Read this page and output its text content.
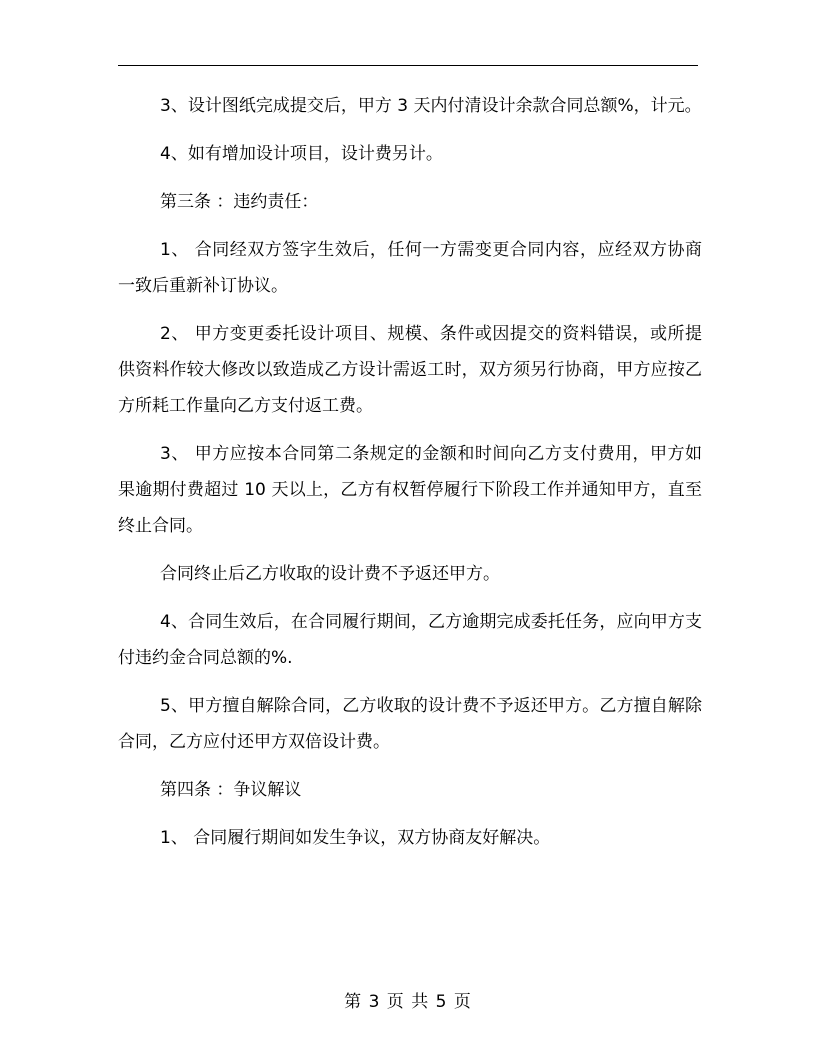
3、设计图纸完成提交后，甲方 3 天内付清设计余款合同总额%，计元。

4、如有增加设计项目，设计费另计。

第三条 ：违约责任：

1、 合同经双方签字生效后，任何一方需变更合同内容，应经双方协商一致后重新补订协议。

2、 甲方变更委托设计项目、规模、条件或因提交的资料错误，或所提供资料作较大修改以致造成乙方设计需返工时，双方须另行协商，甲方应按乙方所耗工作量向乙方支付返工费。

3、 甲方应按本合同第二条规定的金额和时间向乙方支付费用，甲方如果逾期付费超过 10 天以上，乙方有权暂停履行下阶段工作并通知甲方，直至终止合同。

合同终止后乙方收取的设计费不予返还甲方。

4、合同生效后，在合同履行期间，乙方逾期完成委托任务，应向甲方支付违约金合同总额的%.

5、甲方擅自解除合同，乙方收取的设计费不予返还甲方。乙方擅自解除合同，乙方应付还甲方双倍设计费。

第四条 ：争议解议

1、 合同履行期间如发生争议，双方协商友好解决。

第 3 页 共 5 页
